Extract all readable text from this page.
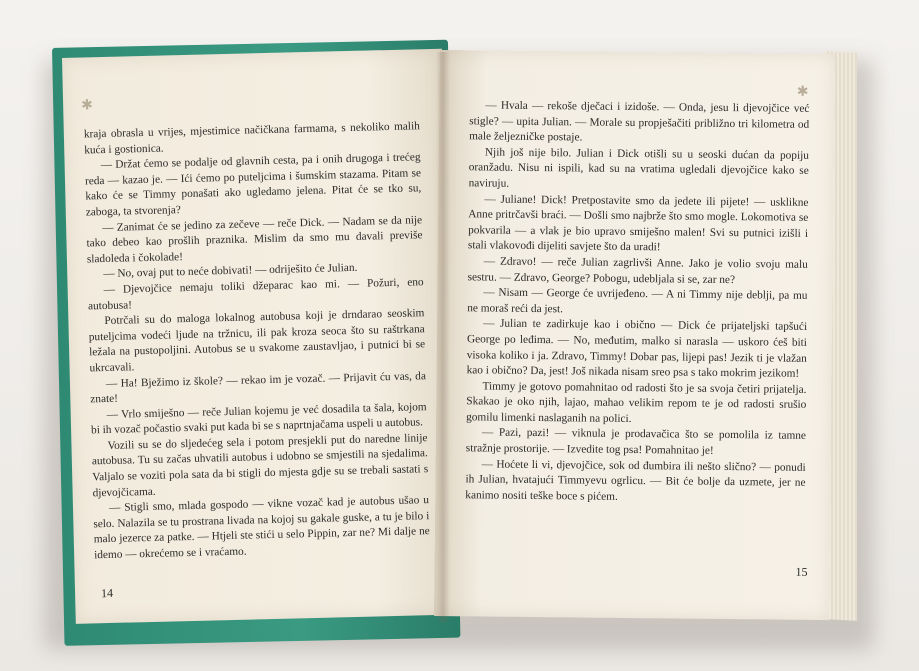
✱

kraja obrasla u vrijes, mjestimice načičkana farmama, s nekoliko malih kuća i gostionica.

— Držat ćemo se podalje od glavnih cesta, pa i onih drugoga i trećeg reda — kazao je. — Ići ćemo po puteljcima i šumskim stazama. Pitam se kako će se Timmy ponašati ako ugledamo jelena. Pitat će se tko su, zaboga, ta stvorenja?

— Zanimat će se jedino za zečeve — reče Dick. — Nadam se da nije tako debeo kao prošlih praznika. Mislim da smo mu davali previše sladoleda i čokolade!

— No, ovaj put to neće dobivati! — odriješito će Julian.

— Djevojčice nemaju toliki džeparac kao mi. — Požuri, eno autobusa!

Potrčali su do maloga lokalnog autobusa koji je drndarao seoskim puteljcima vodeći ljude na tržnicu, ili pak kroza seoca što su raštrkana ležala na pustopoljini. Autobus se u svakome zaustavljao, i putnici bi se ukrcavali.

— Ha! Bježimo iz škole? — rekao im je vozač. — Prijavit ću vas, da znate!

— Vrlo smiješno — reče Julian kojemu je već dosadila ta šala, kojom bi ih vozač počastio svaki put kada bi se s naprtnjačama uspeli u autobus.

Vozili su se do sljedećeg sela i potom presjekli put do naredne linije autobusa. Tu su začas uhvatili autobus i udobno se smjestili na sjedalima. Valjalo se voziti pola sata da bi stigli do mjesta gdje su se trebali sastati s djevojčicama.

— Stigli smo, mlada gospodo — vikne vozač kad je autobus ušao u selo. Nalazila se tu prostrana livada na kojoj su gakale guske, a tu je bilo i malo jezerce za patke. — Htjeli ste stići u selo Pippin, zar ne? Mi dalje ne idemo — okrećemo se i vraćamo.

14
✱

— Hvala — rekoše dječaci i izidoše. — Onda, jesu li djevojčice već stigle? — upita Julian. — Morale su propješačiti približno tri kilometra od male željezničke postaje.

Njih još nije bilo. Julian i Dick otišli su u seoski dućan da popiju oranžadu. Nisu ni ispili, kad su na vratima ugledali djevojčice kako se naviruju.

— Juliane! Dick! Pretpostavite smo da jedete ili pijete! — usklikne Anne pritrčavši braći. — Došli smo najbrže što smo mogle. Lokomotiva se pokvarila — a vlak je bio upravo smiješno malen! Svi su putnici izišli i stali vlakovođi dijeliti savjete što da uradi!

— Zdravo! — reče Julian zagrlivši Anne. Jako je volio svoju malu sestru. — Zdravo, George? Pobogu, udebljala si se, zar ne?

— Nisam — George će uvrijeđeno. — A ni Timmy nije deblji, pa mu ne moraš reći da jest.

— Julian te zadirkuje kao i obično — Dick će prijateljski tapšući George po leđima. — No, međutim, malko si narasla — uskoro ćeš biti visoka koliko i ja. Zdravo, Timmy! Dobar pas, lijepi pas! Jezik ti je vlažan kao i obično? Da, jest! Još nikada nisam sreo psa s tako mokrim jezikom!

Timmy je gotovo pomahnitao od radosti što je sa svoja četiri prijatelja. Skakao je oko njih, lajao, mahao velikim repom te je od radosti srušio gomilu limenki naslaganih na polici.

— Pazi, pazi! — viknula je prodavačica što se pomolila iz tamne stražnje prostorije. — Izvedite tog psa! Pomahnitao je!

— Hoćete li vi, djevojčice, sok od đumbira ili nešto slično? — ponudi ih Julian, hvatajući Timmyevu ogrlicu. — Bit će bolje da uzmete, jer ne kanimo nositi teške boce s pićem.

15
